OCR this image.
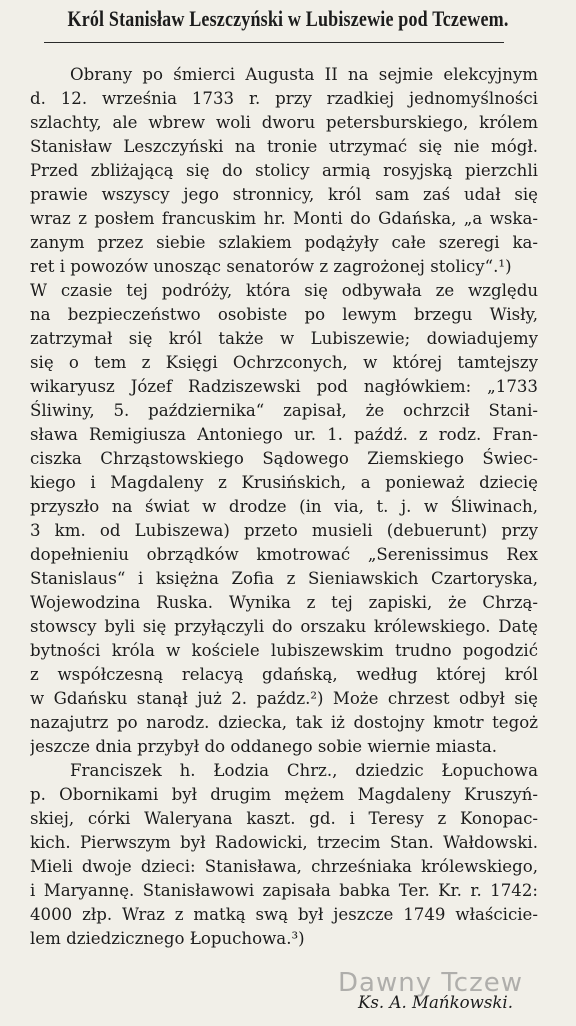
Król Stanisław Leszczyński w Lubiszewie pod Tczewem.
Obrany po śmierci Augusta II na sejmie elekcyjnym
d. 12. września 1733 r. przy rzadkiej jednomyślności
szlachty, ale wbrew woli dworu petersburskiego, królem
Stanisław Leszczyński na tronie utrzymać się nie mógł.
Przed zbliżającą się do stolicy armią rosyjską pierzchli
prawie wszyscy jego stronnicy, król sam zaś udał się
wraz z posłem francuskim hr. Monti do Gdańska, „a wska-
zanym przez siebie szlakiem podążyły całe szeregi ka-
ret i powozów unosząc senatorów z zagrożonej stolicy“.¹)
W czasie tej podróży, która się odbywała ze względu
na bezpieczeństwo osobiste po lewym brzegu Wisły,
zatrzymał się król także w Lubiszewie; dowiadujemy
się o tem z Księgi Ochrzconych, w której tamtejszy
wikaryusz Józef Radziszewski pod nagłówkiem: „1733
Śliwiny, 5. października“ zapisał, że ochrzcił Stani-
sława Remigiusza Antoniego ur. 1. paźdź. z rodz. Fran-
ciszka Chrząstowskiego Sądowego Ziemskiego Świec-
kiego i Magdaleny z Krusińskich, a ponieważ dziecię
przyszło na świat w drodze (in via, t. j. w Śliwinach,
3 km. od Lubiszewa) przeto musieli (debuerunt) przy
dopełnieniu obrządków kmotrować „Serenissimus Rex
Stanislaus“ i księżna Zofia z Sieniawskich Czartoryska,
Wojewodzina Ruska. Wynika z tej zapiski, że Chrzą-
stowscy byli się przyłączyli do orszaku królewskiego. Datę
bytności króla w kościele lubiszewskim trudno pogodzić
z współczesną relacyą gdańską, według której król
w Gdańsku stanął już 2. paźdz.²) Może chrzest odbył się
nazajutrz po narodz. dziecka, tak iż dostojny kmotr tegoż
jeszcze dnia przybył do oddanego sobie wiernie miasta.
Franciszek h. Łodzia Chrz., dziedzic Łopuchowa
p. Obornikami był drugim mężem Magdaleny Kruszyń-
skiej, córki Waleryana kaszt. gd. i Teresy z Konopac-
kich. Pierwszym był Radowicki, trzecim Stan. Wałdowski.
Mieli dwoje dzieci: Stanisława, chrześniaka królewskiego,
i Maryannę. Stanisławowi zapisała babka Ter. Kr. r. 1742:
4000 złp. Wraz z matką swą był jeszcze 1749 właściciе-
lem dziedzicznego Łopuchowa.³)
Ks. A. Mańkowski.
Dawny Tczew
